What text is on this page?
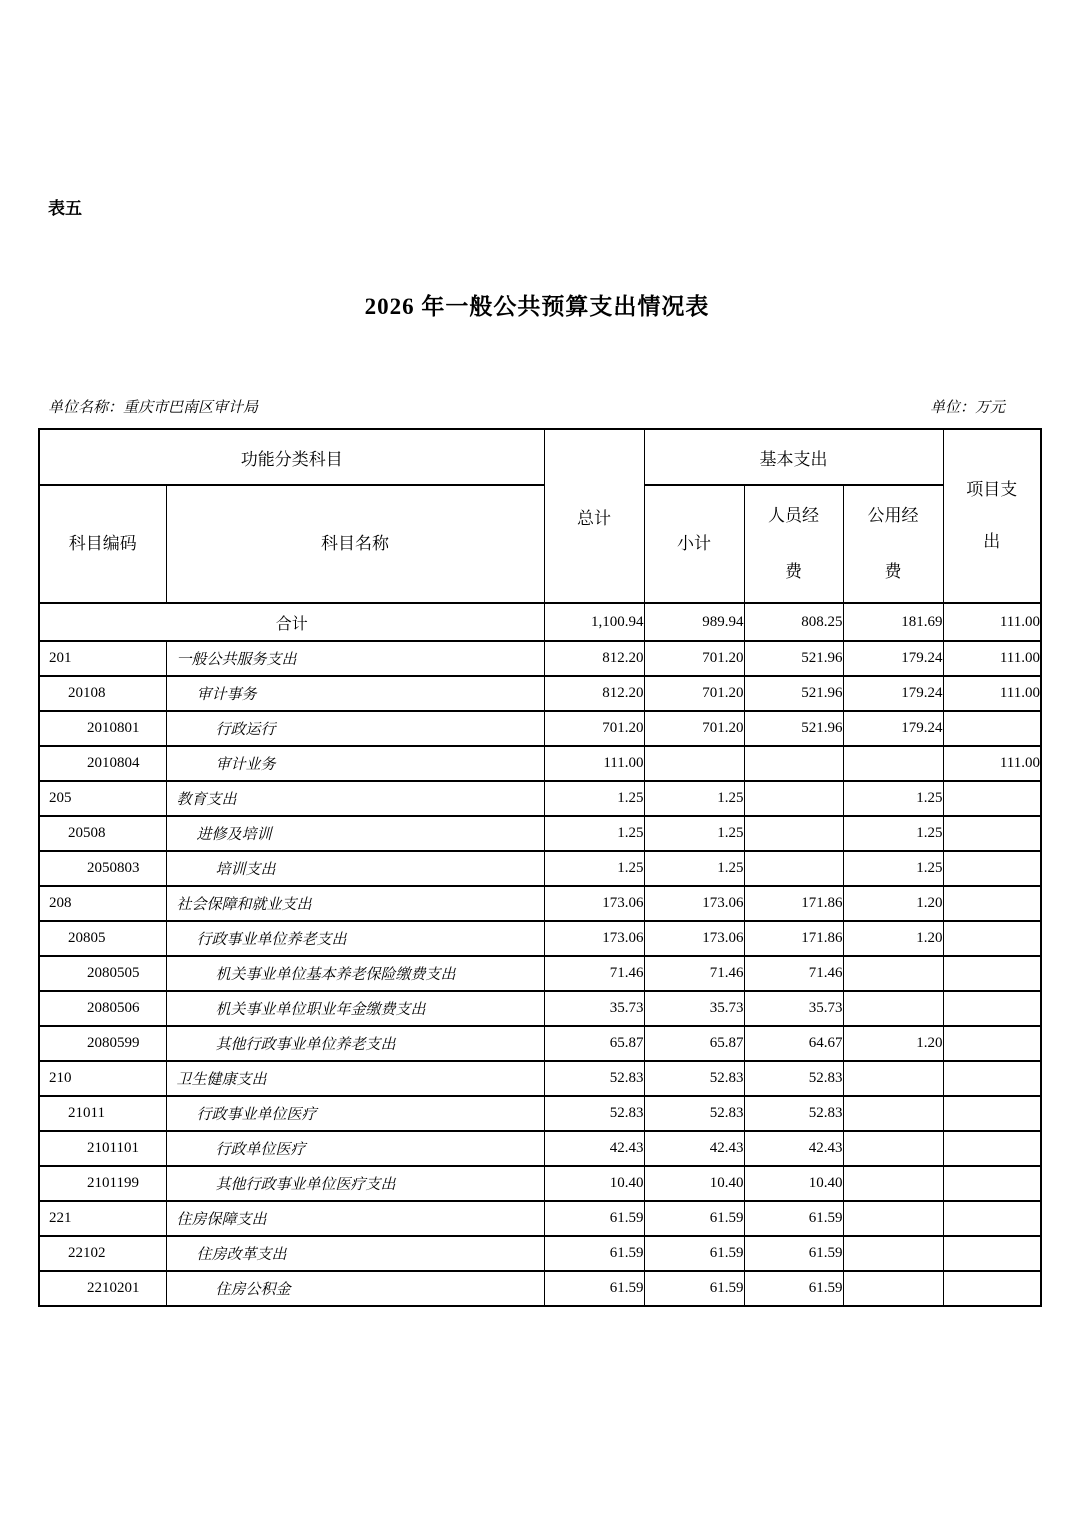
表五
2026 年一般公共预算支出情况表
单位名称：重庆市巴南区审计局	单位：万元
功能分类科目		总计	基本支出			项目支出
科目编码	科目名称		小计	人员经费	公用经费	
合计		1,100.94	989.94	808.25	181.69	111.00
201	一般公共服务支出	812.20	701.20	521.96	179.24	111.00
20108	审计事务	812.20	701.20	521.96	179.24	111.00
2010801	行政运行	701.20	701.20	521.96	179.24	
2010804	审计业务	111.00				111.00
205	教育支出	1.25	1.25		1.25	
20508	进修及培训	1.25	1.25		1.25	
2050803	培训支出	1.25	1.25		1.25	
208	社会保障和就业支出	173.06	173.06	171.86	1.20	
20805	行政事业单位养老支出	173.06	173.06	171.86	1.20	
2080505	机关事业单位基本养老保险缴费支出	71.46	71.46	71.46		
2080506	机关事业单位职业年金缴费支出	35.73	35.73	35.73		
2080599	其他行政事业单位养老支出	65.87	65.87	64.67	1.20	
210	卫生健康支出	52.83	52.83	52.83		
21011	行政事业单位医疗	52.83	52.83	52.83		
2101101	行政单位医疗	42.43	42.43	42.43		
2101199	其他行政事业单位医疗支出	10.40	10.40	10.40		
221	住房保障支出	61.59	61.59	61.59		
22102	住房改革支出	61.59	61.59	61.59		
2210201	住房公积金	61.59	61.59	61.59		
